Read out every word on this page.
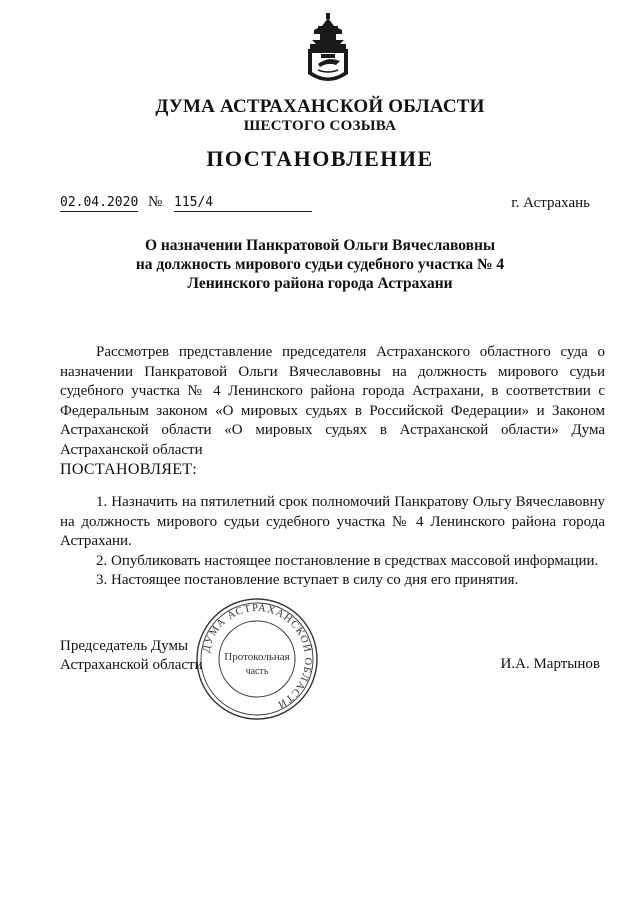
ДУМА АСТРАХАНСКОЙ ОБЛАСТИ
ШЕСТОГО СОЗЫВА
ПОСТАНОВЛЕНИЕ
02.04.2020 № 115/4	г. Астрахань
О назначении Панкратовой Ольги Вячеславовны
на должность мирового судьи судебного участка № 4
Ленинского района города Астрахани
Рассмотрев представление председателя Астраханского областного суда о назначении Панкратовой Ольги Вячеславовны на должность мирового судьи судебного участка № 4 Ленинского района города Астрахани, в соответствии с Федеральным законом «О мировых судьях в Российской Федерации» и Законом Астраханской области «О мировых судьях в Астраханской области» Дума Астраханской области
ПОСТАНОВЛЯЕТ:

1. Назначить на пятилетний срок полномочий Панкратову Ольгу Вячеславовну на должность мирового судьи судебного участка № 4 Ленинского района города Астрахани.

2. Опубликовать настоящее постановление в средствах массовой информации.

3. Настоящее постановление вступает в силу со дня его принятия.

Председатель Думы
Астраханской области	И.А. Мартынов
ДУМА АСТРАХАНСКОЙ ОБЛАСТИ
Протокольная
часть
